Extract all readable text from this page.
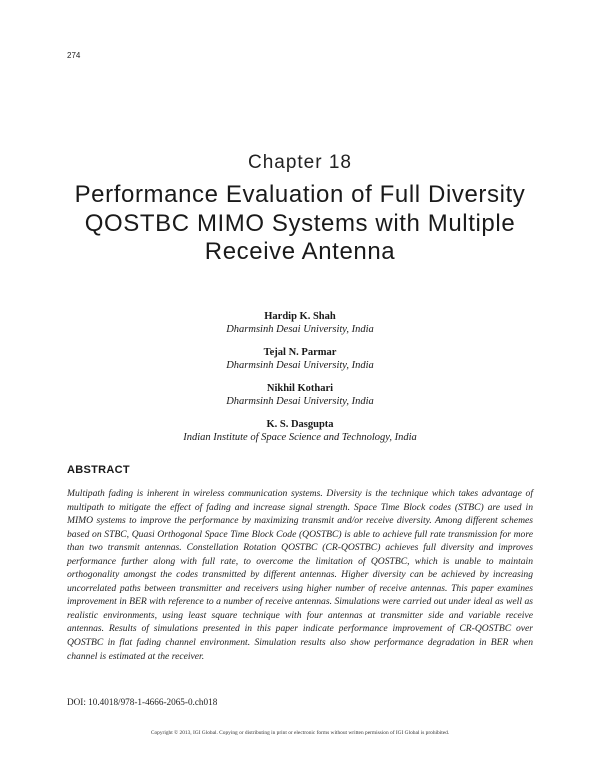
274
Chapter 18
Performance Evaluation of Full Diversity QOSTBC MIMO Systems with Multiple Receive Antenna
Hardip K. Shah
Dharmsinh Desai University, India
Tejal N. Parmar
Dharmsinh Desai University, India
Nikhil Kothari
Dharmsinh Desai University, India
K. S. Dasgupta
Indian Institute of Space Science and Technology, India
ABSTRACT
Multipath fading is inherent in wireless communication systems. Diversity is the technique which takes advantage of multipath to mitigate the effect of fading and increase signal strength. Space Time Block codes (STBC) are used in MIMO systems to improve the performance by maximizing transmit and/or receive diversity. Among different schemes based on STBC, Quasi Orthogonal Space Time Block Code (QOSTBC) is able to achieve full rate transmission for more than two transmit antennas. Constellation Rotation QOSTBC (CR-QOSTBC) achieves full diversity and improves performance further along with full rate, to overcome the limitation of QOSTBC, which is unable to maintain orthogonality amongst the codes transmitted by different antennas. Higher diversity can be achieved by increasing uncorrelated paths between transmitter and receivers using higher number of receive antennas. This paper examines improvement in BER with reference to a number of receive antennas. Simulations were carried out under ideal as well as realistic environments, using least square technique with four antennas at transmitter side and variable receive antennas. Results of simulations presented in this paper indicate performance improvement of CR-QOSTBC over QOSTBC in flat fading channel environment. Simulation results also show performance degradation in BER when channel is estimated at the receiver.
DOI: 10.4018/978-1-4666-2065-0.ch018
Copyright © 2013, IGI Global. Copying or distributing in print or electronic forms without written permission of IGI Global is prohibited.
